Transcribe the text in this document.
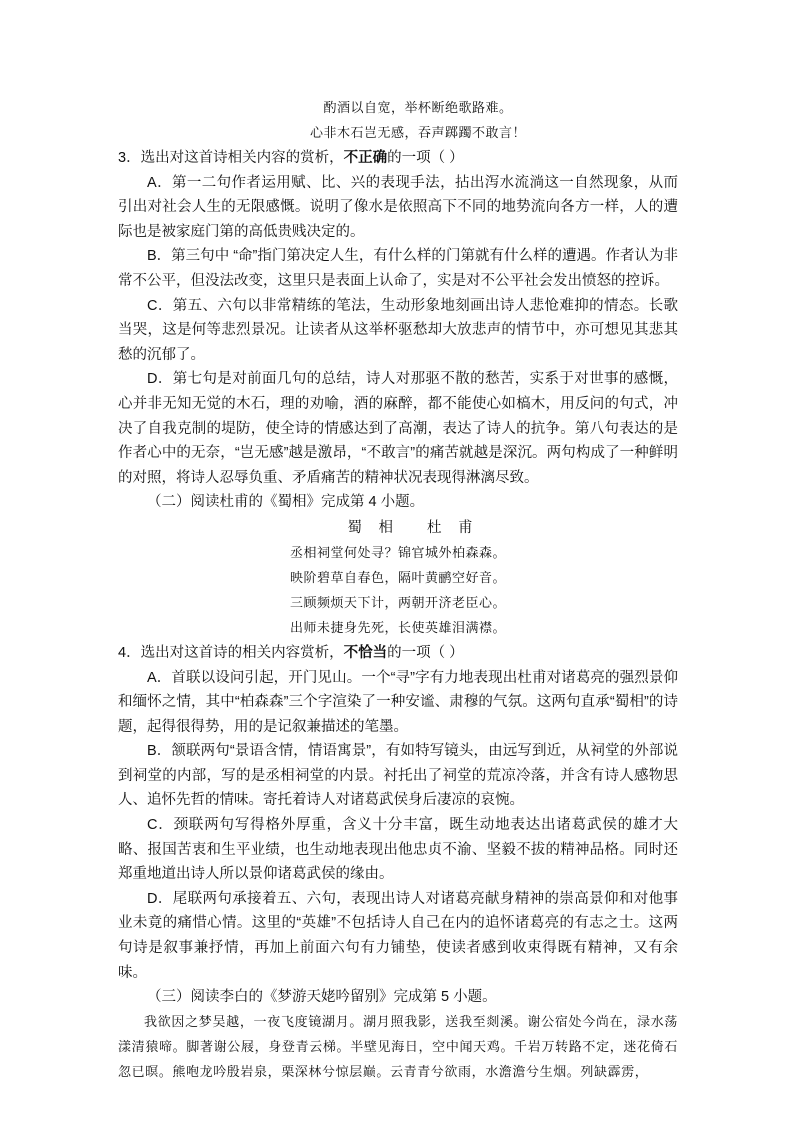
酌酒以自宽，举杯断绝歌路难。
心非木石岂无感，吞声踯躅不敢言！
3．选出对这首诗相关内容的赏析，不正确的一项（ ）

A．第一二句作者运用赋、比、兴的表现手法，拈出泻水流淌这一自然现象，从而引出对社会人生的无限感慨。说明了像水是依照高下不同的地势流向各方一样，人的遭际也是被家庭门第的高低贵贱决定的。

B．第三句中 “命”指门第决定人生，有什么样的门第就有什么样的遭遇。作者认为非常不公平，但没法改变，这里只是表面上认命了，实是对不公平社会发出愤怒的控诉。

C．第五、六句以非常精练的笔法，生动形象地刻画出诗人悲怆难抑的情态。长歌当哭，这是何等悲烈景况。让读者从这举杯驱愁却大放悲声的情节中，亦可想见其悲其愁的沉郁了。

D．第七句是对前面几句的总结，诗人对那驱不散的愁苦，实系于对世事的感慨，心并非无知无觉的木石，理的劝喻，酒的麻醉，都不能使心如槁木，用反问的句式，冲决了自我克制的堤防，使全诗的情感达到了高潮，表达了诗人的抗争。第八句表达的是作者心中的无奈，“岂无感”越是激昂，“不敢言”的痛苦就越是深沉。两句构成了一种鲜明的对照，将诗人忍辱负重、矛盾痛苦的精神状况表现得淋漓尽致。

（二）阅读杜甫的《蜀相》完成第 4 小题。
蜀 相 杜 甫
丞相祠堂何处寻？锦官城外柏森森。
映阶碧草自春色，隔叶黄鹂空好音。
三顾频烦天下计，两朝开济老臣心。
出师未捷身先死，长使英雄泪满襟。
4．选出对这首诗的相关内容赏析，不恰当的一项（ ）

A．首联以设问引起，开门见山。一个“寻”字有力地表现出杜甫对诸葛亮的强烈景仰和缅怀之情，其中“柏森森”三个字渲染了一种安谧、肃穆的气氛。这两句直承“蜀相”的诗题，起得很得势，用的是记叙兼描述的笔墨。

B．颔联两句“景语含情，情语寓景”，有如特写镜头，由远写到近，从祠堂的外部说到祠堂的内部，写的是丞相祠堂的内景。衬托出了祠堂的荒凉冷落，并含有诗人感物思人、追怀先哲的情味。寄托着诗人对诸葛武侯身后凄凉的哀惋。

C．颈联两句写得格外厚重，含义十分丰富，既生动地表达出诸葛武侯的雄才大略、报国苦衷和生平业绩，也生动地表现出他忠贞不渝、坚毅不拔的精神品格。同时还郑重地道出诗人所以景仰诸葛武侯的缘由。

D．尾联两句承接着五、六句，表现出诗人对诸葛亮献身精神的崇高景仰和对他事业未竟的痛惜心情。这里的“英雄”不包括诗人自己在内的追怀诸葛亮的有志之士。这两句诗是叙事兼抒情，再加上前面六句有力铺垫，使读者感到收束得既有精神，又有余味。

（三）阅读李白的《梦游天姥吟留别》完成第 5 小题。

我欲因之梦吴越，一夜飞度镜湖月。湖月照我影，送我至剡溪。谢公宿处今尚在，渌水荡漾清猿啼。脚著谢公屐，身登青云梯。半壁见海日，空中闻天鸡。千岩万转路不定，迷花倚石忽已暝。熊咆龙吟殷岩泉，栗深林兮惊层巅。云青青兮欲雨，水澹澹兮生烟。列缺霹雳，
